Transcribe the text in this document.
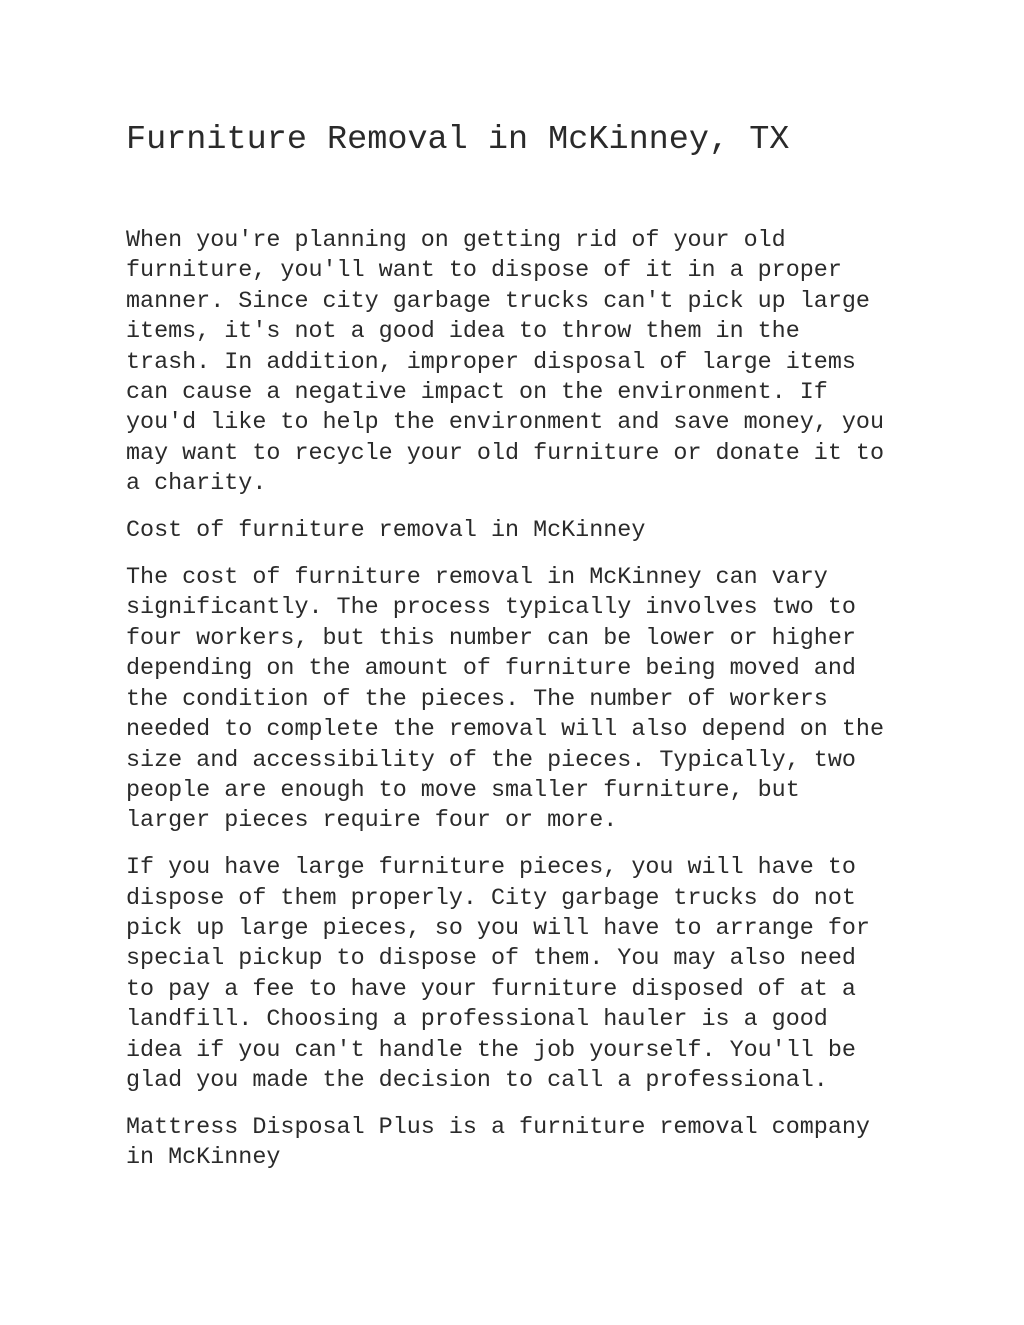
Furniture Removal in McKinney, TX
When you're planning on getting rid of your old
furniture, you'll want to dispose of it in a proper
manner. Since city garbage trucks can't pick up large
items, it's not a good idea to throw them in the
trash. In addition, improper disposal of large items
can cause a negative impact on the environment. If
you'd like to help the environment and save money, you
may want to recycle your old furniture or donate it to
a charity.
Cost of furniture removal in McKinney
The cost of furniture removal in McKinney can vary
significantly. The process typically involves two to
four workers, but this number can be lower or higher
depending on the amount of furniture being moved and
the condition of the pieces. The number of workers
needed to complete the removal will also depend on the
size and accessibility of the pieces. Typically, two
people are enough to move smaller furniture, but
larger pieces require four or more.
If you have large furniture pieces, you will have to
dispose of them properly. City garbage trucks do not
pick up large pieces, so you will have to arrange for
special pickup to dispose of them. You may also need
to pay a fee to have your furniture disposed of at a
landfill. Choosing a professional hauler is a good
idea if you can't handle the job yourself. You'll be
glad you made the decision to call a professional.
Mattress Disposal Plus is a furniture removal company
in McKinney
